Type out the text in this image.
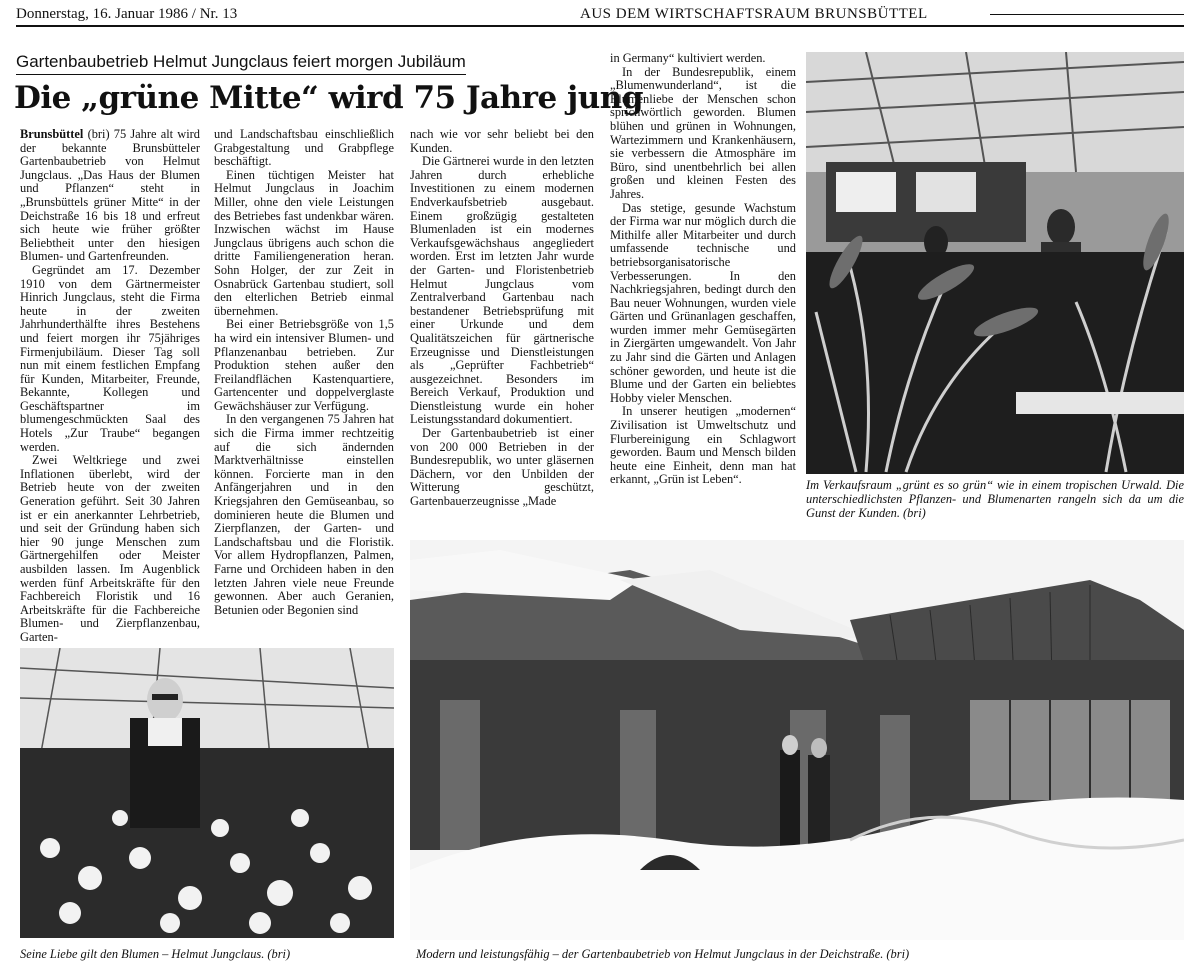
Donnerstag, 16. Januar 1986 / Nr. 13	AUS DEM WIRTSCHAFTSRAUM BRUNSBÜTTEL
Gartenbaubetrieb Helmut Jungclaus feiert morgen Jubiläum
Die „grüne Mitte“ wird 75 Jahre jung

Brunsbüttel (bri) 75 Jahre alt wird der bekannte Brunsbütteler Gartenbaubetrieb von Helmut Jungclaus. „Das Haus der Blumen und Pflanzen“ steht in „Brunsbüttels grüner Mitte“ in der Deichstraße 16 bis 18 und erfreut sich heute wie früher größter Beliebtheit unter den hiesigen Blumen- und Gartenfreunden.

Gegründet am 17. Dezember 1910 von dem Gärtnermeister Hinrich Jungclaus, steht die Firma heute in der zweiten Jahrhunderthälfte ihres Bestehens und feiert morgen ihr 75jähriges Firmenjubiläum. Dieser Tag soll nun mit einem festlichen Empfang für Kunden, Mitarbeiter, Freunde, Bekannte, Kollegen und Geschäftspartner im blumengeschmückten Saal des Hotels „Zur Traube“ begangen werden.

Zwei Weltkriege und zwei Inflationen überlebt, wird der Betrieb heute von der zweiten Generation geführt. Seit 30 Jahren ist er ein anerkannter Lehrbetrieb, und seit der Gründung haben sich hier 90 junge Menschen zum Gärtnergehilfen oder Meister ausbilden lassen. Im Augenblick werden fünf Arbeitskräfte für den Fachbereich Floristik und 16 Arbeitskräfte für die Fachbereiche Blumen- und Zierpflanzenbau, Garten-

und Landschaftsbau einschließlich Grabgestaltung und Grabpflege beschäftigt.

Einen tüchtigen Meister hat Helmut Jungclaus in Joachim Miller, ohne den viele Leistungen des Betriebes fast undenkbar wären. Inzwischen wächst im Hause Jungclaus übrigens auch schon die dritte Familiengeneration heran. Sohn Holger, der zur Zeit in Osnabrück Gartenbau studiert, soll den elterlichen Betrieb einmal übernehmen.

Bei einer Betriebsgröße von 1,5 ha wird ein intensiver Blumen- und Pflanzenanbau betrieben. Zur Produktion stehen außer den Freilandflächen Kastenquartiere, Gartencenter und doppelverglaste Gewächshäuser zur Verfügung.

In den vergangenen 75 Jahren hat sich die Firma immer rechtzeitig auf die sich ändernden Marktverhältnisse einstellen können. Forcierte man in den Anfängerjahren und in den Kriegsjahren den Gemüseanbau, so dominieren heute die Blumen und Zierpflanzen, der Garten- und Landschaftsbau und die Floristik. Vor allem Hydropflanzen, Palmen, Farne und Orchideen haben in den letzten Jahren viele neue Freunde gewonnen. Aber auch Geranien, Betunien oder Begonien sind

nach wie vor sehr beliebt bei den Kunden.

Die Gärtnerei wurde in den letzten Jahren durch erhebliche Investitionen zu einem modernen Endverkaufsbetrieb ausgebaut. Einem großzügig gestalteten Blumenladen ist ein modernes Verkaufsgewächshaus angegliedert worden. Erst im letzten Jahr wurde der Garten- und Floristenbetrieb Helmut Jungclaus vom Zentralverband Gartenbau nach bestandener Betriebsprüfung mit einer Urkunde und dem Qualitätszeichen für gärtnerische Erzeugnisse und Dienstleistungen als „Geprüfter Fachbetrieb“ ausgezeichnet. Besonders im Bereich Verkauf, Produktion und Dienstleistung wurde ein hoher Leistungsstandard dokumentiert.

Der Gartenbaubetrieb ist einer von 200 000 Betrieben in der Bundesrepublik, wo unter gläsernen Dächern, vor den Unbilden der Witterung geschützt, Gartenbauerzeugnisse „Made

in Germany“ kultiviert werden.

In der Bundesrepublik, einem „Blumenwunderland“, ist die Blumenliebe der Menschen schon sprichwörtlich geworden. Blumen blühen und grünen in Wohnungen, Wartezimmern und Krankenhäusern, sie verbessern die Atmosphäre im Büro, sind unentbehrlich bei allen großen und kleinen Festen des Jahres.

Das stetige, gesunde Wachstum der Firma war nur möglich durch die Mithilfe aller Mitarbeiter und durch umfassende technische und betriebsorganisatorische Verbesserungen. In den Nachkriegsjahren, bedingt durch den Bau neuer Wohnungen, wurden viele Gärten und Grünanlagen geschaffen, wurden immer mehr Gemüsegärten in Ziergärten umgewandelt. Von Jahr zu Jahr sind die Gärten und Anlagen schöner geworden, und heute ist die Blume und der Garten ein beliebtes Hobby vieler Menschen.

In unserer heutigen „modernen“ Zivilisation ist Umweltschutz und Flurbereinigung ein Schlagwort geworden. Baum und Mensch bilden heute eine Einheit, denn man hat erkannt, „Grün ist Leben“.	Im Verkaufsraum „grünt es so grün“ wie in einem tropischen Urwald. Die unterschiedlichsten Pflanzen- und Blumenarten rangeln sich da um die Gunst der Kunden. (bri)
Seine Liebe gilt den Blumen – Helmut Jungclaus. (bri)	Modern und leistungsfähig – der Gartenbaubetrieb von Helmut Jungclaus in der Deichstraße. (bri)
